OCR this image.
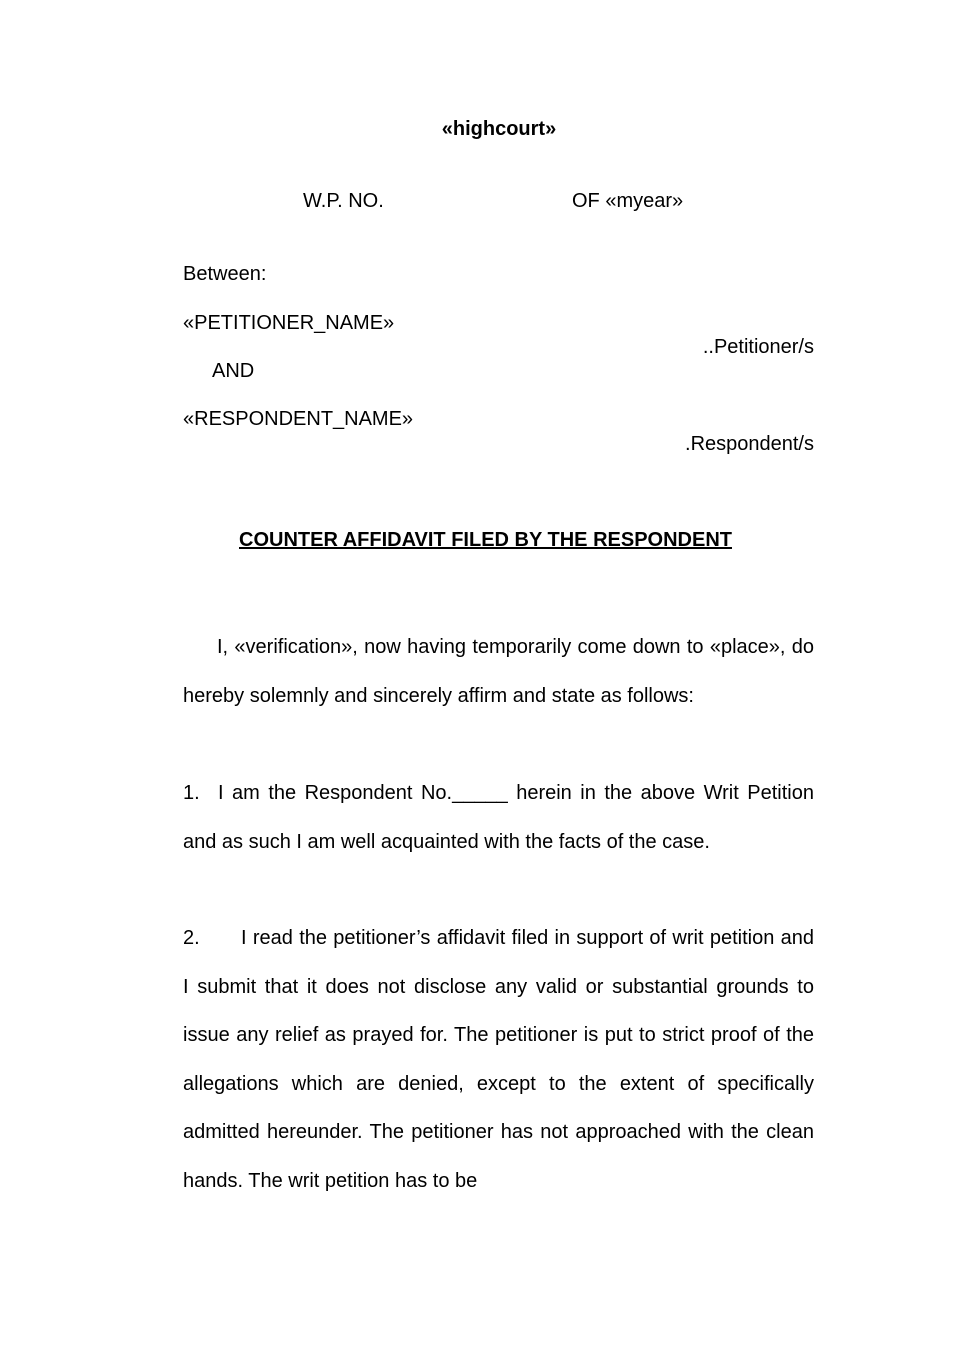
«highcourt»
W.P. NO.	OF «myear»
Between:
«PETITIONER_NAME»
..Petitioner/s
AND
«RESPONDENT_NAME»
.Respondent/s
COUNTER AFFIDAVIT FILED BY THE RESPONDENT
I, «verification», now having temporarily come down to «place», do hereby solemnly and sincerely affirm and state as follows:
1. I am the Respondent No._____ herein in the above Writ Petition and as such I am well acquainted with the facts of the case.
2. I read the petitioner’s affidavit filed in support of writ petition and I submit that it does not disclose any valid or substantial grounds to issue any relief as prayed for. The petitioner is put to strict proof of the allegations which are denied, except to the extent of specifically admitted hereunder. The petitioner has not approached with the clean hands. The writ petition has to be
